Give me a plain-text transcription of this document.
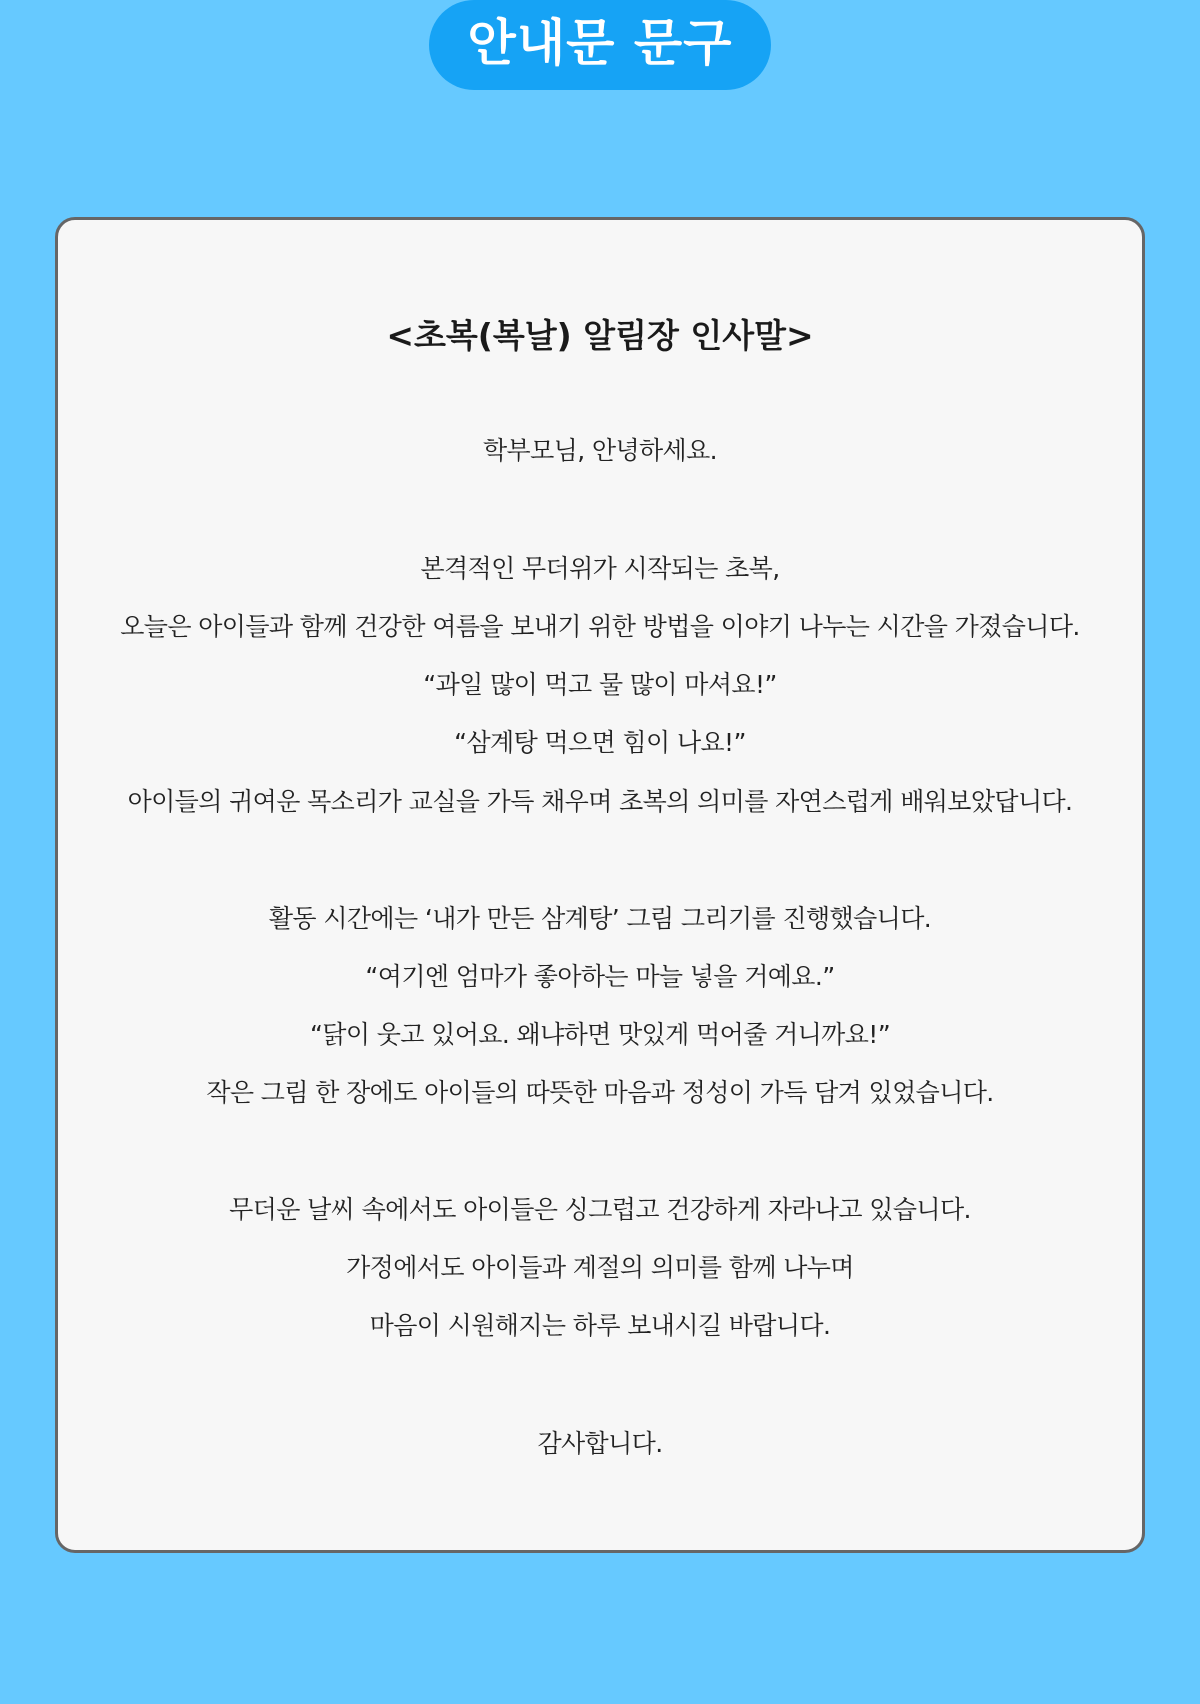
안내문 문구
<초복(복날) 알림장 인사말>
학부모님, 안녕하세요.
본격적인 무더위가 시작되는 초복,
오늘은 아이들과 함께 건강한 여름을 보내기 위한 방법을 이야기 나누는 시간을 가졌습니다.
“과일 많이 먹고 물 많이 마셔요!”
“삼계탕 먹으면 힘이 나요!”
아이들의 귀여운 목소리가 교실을 가득 채우며 초복의 의미를 자연스럽게 배워보았답니다.
활동 시간에는 ‘내가 만든 삼계탕’ 그림 그리기를 진행했습니다.
“여기엔 엄마가 좋아하는 마늘 넣을 거예요.”
“닭이 웃고 있어요. 왜냐하면 맛있게 먹어줄 거니까요!”
작은 그림 한 장에도 아이들의 따뜻한 마음과 정성이 가득 담겨 있었습니다.
무더운 날씨 속에서도 아이들은 싱그럽고 건강하게 자라나고 있습니다.
가정에서도 아이들과 계절의 의미를 함께 나누며
마음이 시원해지는 하루 보내시길 바랍니다.
감사합니다.
